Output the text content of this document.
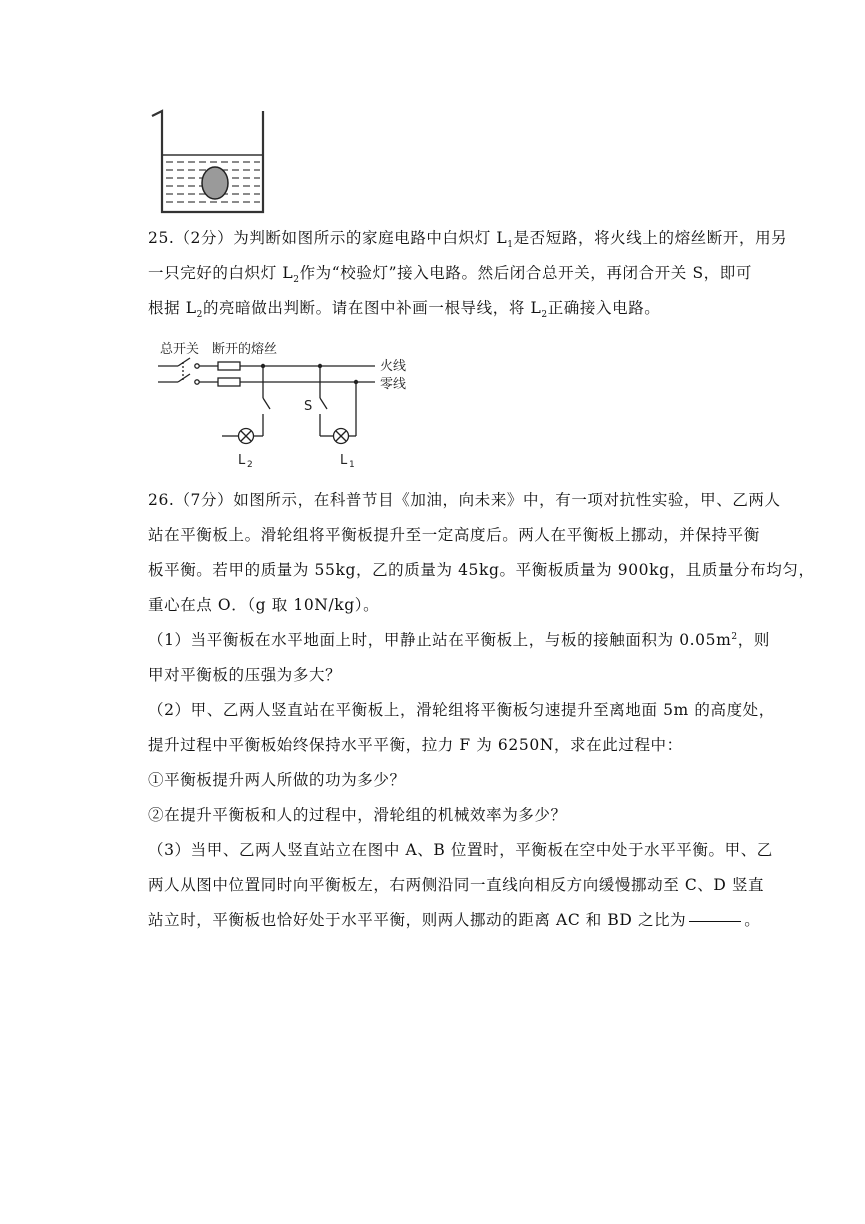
25.（2分）为判断如图所示的家庭电路中白炽灯 $L_1$是否短路，将火线上的熔丝断开，用另
一只完好的白炽灯 $L_2$作为“校验灯”接入电路。然后闭合总开关，再闭合开关 S，即可
根据 $L_2$的亮暗做出判断。请在图中补画一根导线，将 $L_2$正确接入电路。
总开关 断开的熔丝
火线
零线
S
L 2	L 1
26.（7分）如图所示，在科普节目《加油，向未来》中，有一项对抗性实验，甲、乙两人
站在平衡板上。滑轮组将平衡板提升至一定高度后。两人在平衡板上挪动，并保持平衡
板平衡。若甲的质量为 55kg，乙的质量为 45kg。平衡板质量为 900kg，且质量分布均匀，
重心在点 O．（g 取 10N/kg）。
（1）当平衡板在水平地面上时，甲静止站在平衡板上，与板的接触面积为 $0.05m^2$，则
甲对平衡板的压强为多大？
（2）甲、乙两人竖直站在平衡板上，滑轮组将平衡板匀速提升至离地面 5m 的高度处，
提升过程中平衡板始终保持水平平衡，拉力 F 为 6250N，求在此过程中：
①平衡板提升两人所做的功为多少？
②在提升平衡板和人的过程中，滑轮组的机械效率为多少？
（3）当甲、乙两人竖直站立在图中 A、B 位置时，平衡板在空中处于水平平衡。甲、乙
两人从图中位置同时向平衡板左，右两侧沿同一直线向相反方向缓慢挪动至 C、D 竖直
站立时，平衡板也恰好处于水平平衡，则两人挪动的距离 AC 和 BD 之比为	。
